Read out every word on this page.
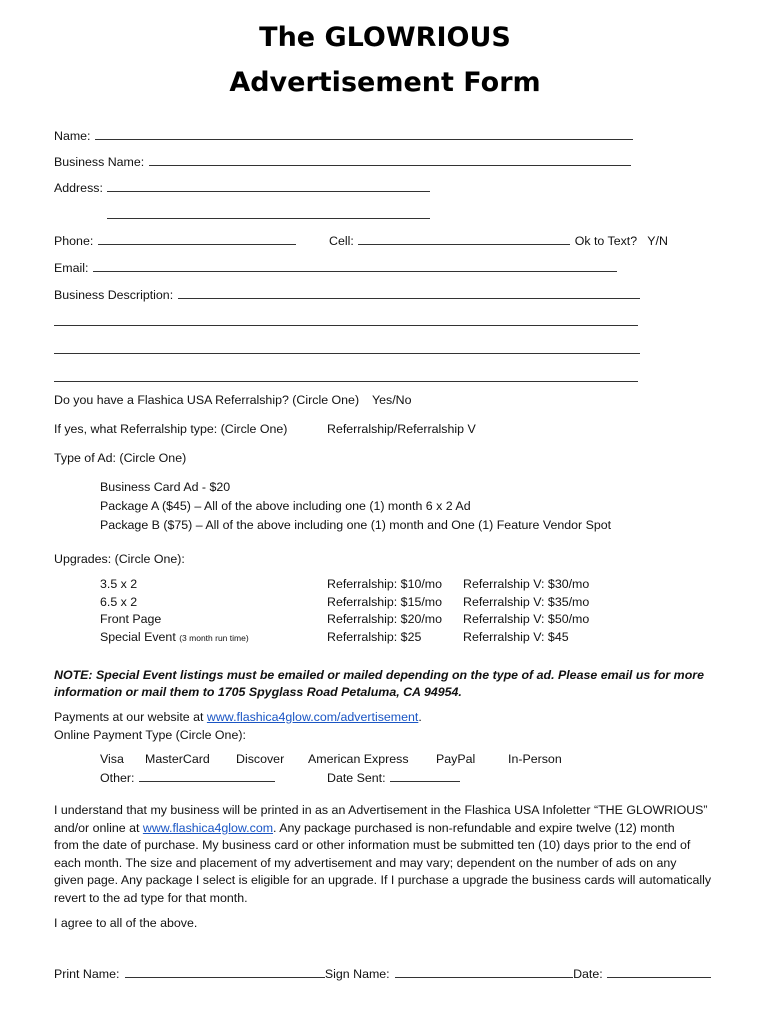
The GLOWRIOUS
Advertisement Form
Name:
Business Name:
Address:
Phone:	Cell:	Ok to Text? Y/N
Email:
Business Description:
Do you have a Flashica USA Referralship? (Circle One) Yes/No
If yes, what Referralship type: (Circle One)	Referralship/Referralship V
Type of Ad: (Circle One)
Business Card Ad - $20
Package A ($45) – All of the above including one (1) month 6 x 2 Ad
Package B ($75) – All of the above including one (1) month and One (1) Feature Vendor Spot
Upgrades: (Circle One):
3.5 x 2	Referralship: $10/mo Referralship V: $30/mo
6.5 x 2	Referralship: $15/mo Referralship V: $35/mo
Front Page	Referralship: $20/mo Referralship V: $50/mo
Special Event (3 month run time)	Referralship: $25	Referralship V: $45
NOTE: Special Event listings must be emailed or mailed depending on the type of ad. Please email us for more
information or mail them to 1705 Spyglass Road Petaluma, CA 94954.
Payments at our website at www.flashica4glow.com/advertisement.
Online Payment Type (Circle One):
Visa MasterCard Discover American Express PayPal	In-Person
Other:	Date Sent:
I understand that my business will be printed in as an Advertisement in the Flashica USA Infoletter “THE GLOWRIOUS”
and/or online at www.flashica4glow.com. Any package purchased is non-refundable and expire twelve (12) month
from the date of purchase. My business card or other information must be submitted ten (10) days prior to the end of
each month. The size and placement of my advertisement and may vary; dependent on the number of ads on any
given page. Any package I select is eligible for an upgrade. If I purchase a upgrade the business cards will automatically
revert to the ad type for that month.
I agree to all of the above.
Print Name:	Sign Name:	Date:
